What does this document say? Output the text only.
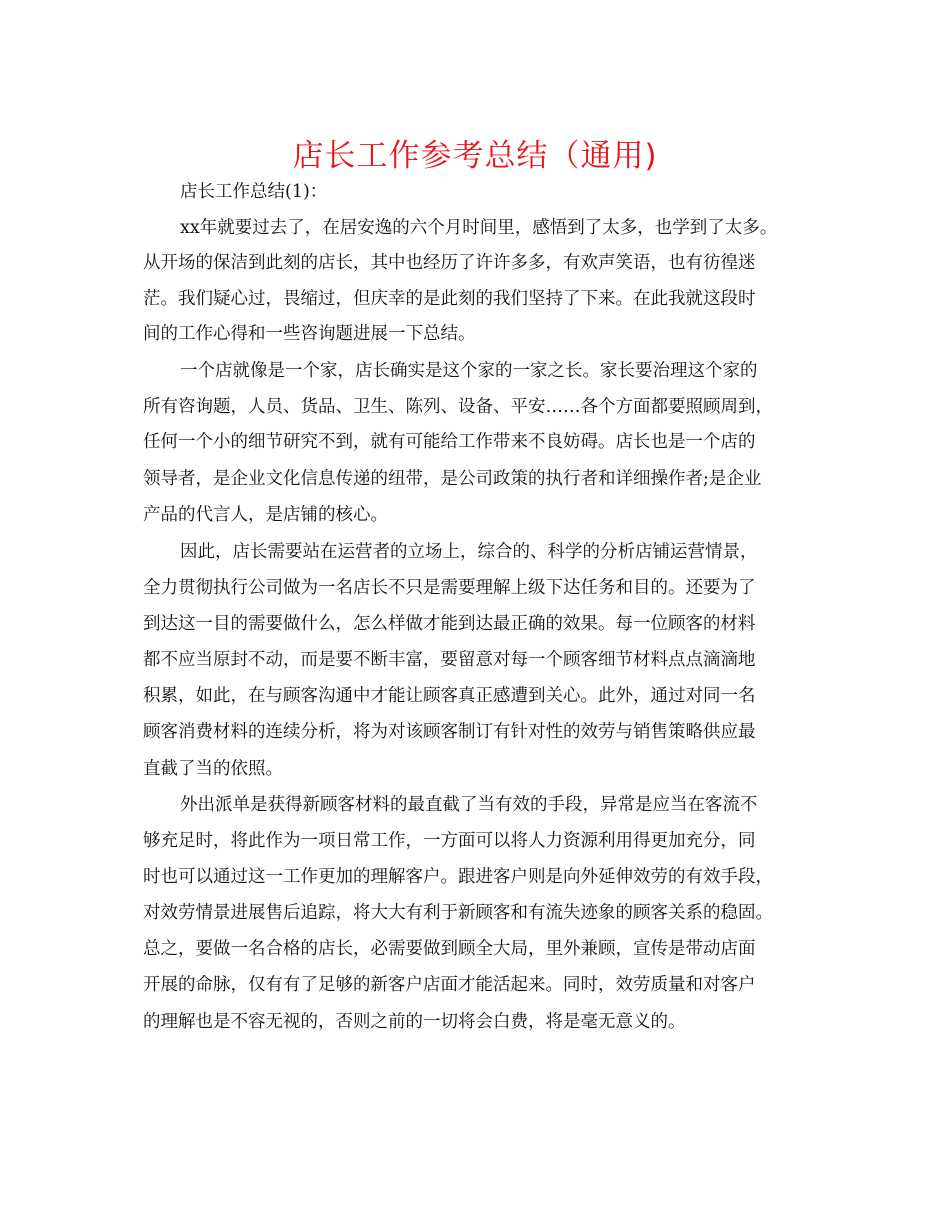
店长工作参考总结（通用)
店长工作总结(1)：
xx年就要过去了，在居安逸的六个月时间里，感悟到了太多，也学到了太多。
从开场的保洁到此刻的店长，其中也经历了许许多多，有欢声笑语，也有彷徨迷
茫。我们疑心过，畏缩过，但庆幸的是此刻的我们坚持了下来。在此我就这段时
间的工作心得和一些咨询题进展一下总结。
一个店就像是一个家，店长确实是这个家的一家之长。家长要治理这个家的
所有咨询题，人员、货品、卫生、陈列、设备、平安……各个方面都要照顾周到，
任何一个小的细节研究不到，就有可能给工作带来不良妨碍。店长也是一个店的
领导者，是企业文化信息传递的纽带，是公司政策的执行者和详细操作者;是企业
产品的代言人，是店铺的核心。
因此，店长需要站在运营者的立场上，综合的、科学的分析店铺运营情景，
全力贯彻执行公司做为一名店长不只是需要理解上级下达任务和目的。还要为了
到达这一目的需要做什么，怎么样做才能到达最正确的效果。每一位顾客的材料
都不应当原封不动，而是要不断丰富，要留意对每一个顾客细节材料点点滴滴地
积累，如此，在与顾客沟通中才能让顾客真正感遭到关心。此外，通过对同一名
顾客消费材料的连续分析，将为对该顾客制订有针对性的效劳与销售策略供应最
直截了当的依照。
外出派单是获得新顾客材料的最直截了当有效的手段，异常是应当在客流不
够充足时，将此作为一项日常工作，一方面可以将人力资源利用得更加充分，同
时也可以通过这一工作更加的理解客户。跟进客户则是向外延伸效劳的有效手段，
对效劳情景进展售后追踪，将大大有利于新顾客和有流失迹象的顾客关系的稳固。
总之，要做一名合格的店长，必需要做到顾全大局，里外兼顾，宣传是带动店面
开展的命脉，仅有有了足够的新客户店面才能活起来。同时，效劳质量和对客户
的理解也是不容无视的，否则之前的一切将会白费，将是毫无意义的。
